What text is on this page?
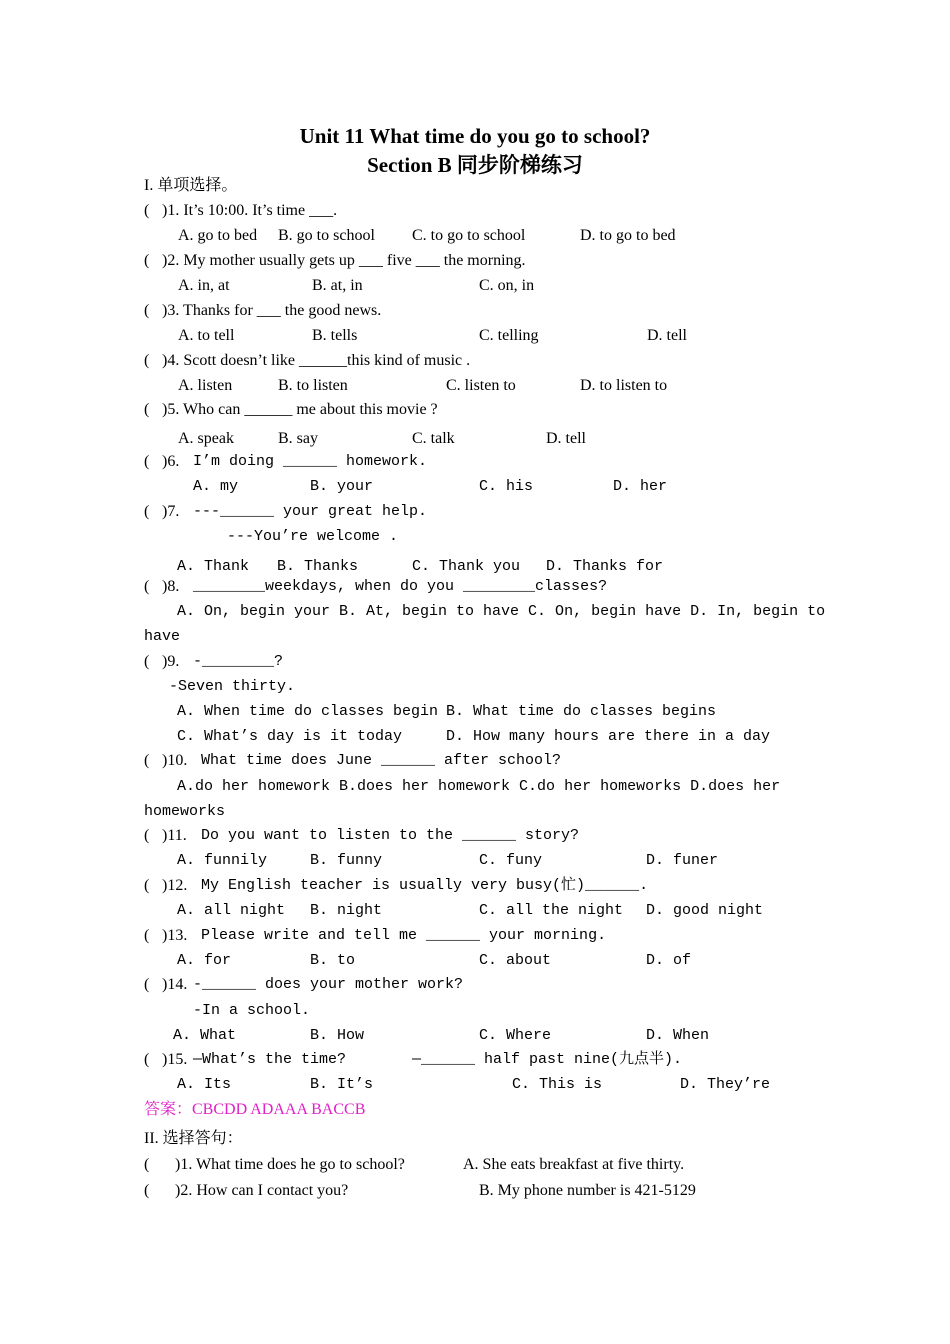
Unit 11 What time do you go to school?
Section B 同步阶梯练习
I. 单项选择。
( )1. It’s 10:00. It’s time ___.
A. go to bed B. go to school C. to go to school	D. to go to bed
( )2. My mother usually gets up ___ five ___ the morning.
A. in, at	B. at, in	C. on, in
( )3. Thanks for ___ the good news.
A. to tell	B. tells	C. telling	D. tell
( )4. Scott doesn’t like ______this kind of music .
A. listen	B. to listen	C. listen to	D. to listen to
( )5. Who can ______ me about this movie ?
A. speak	B. say	C. talk	D. tell
( )6. I’m doing ______ homework.
A. my	B. your	C. his	D. her
( )7. ---______ your great help.
---You’re welcome .
A. Thank B. Thanks	C. Thank you D. Thanks for
( )8. ________weekdays, when do you ________classes?
A. On, begin your B. At, begin to have C. On, begin have D. In, begin to
have
( )9. -________?
-Seven thirty.
A. When time do classes begin B. What time do classes begins
C. What’s day is it today	D. How many hours are there in a day
( )10. What time does June ______ after school?
A.do her homework B.does her homework C.do her homeworks D.does her
homeworks
( )11. Do you want to listen to the ______ story?
A. funnily	B. funny	C. funy	D. funer
( )12. My English teacher is usually very busy(忙)______.
A. all night B. night	C. all the night D. good night
( )13. Please write and tell me ______ your morning.
A. for	B. to	C. about	D. of
( )14. -______ does your mother work?
-In a school.
A. What	B. How	C. Where	D. When
( )15. —What’s the time?	—______ half past nine(九点半).
A. Its	B. It’s	C. This is	D. They’re
答案：CBCDD ADAAA BACCB
II. 选择答句：
( )1. What time does he go to school?	A. She eats breakfast at five thirty.
( )2. How can I contact you?	B. My phone number is 421-5129
